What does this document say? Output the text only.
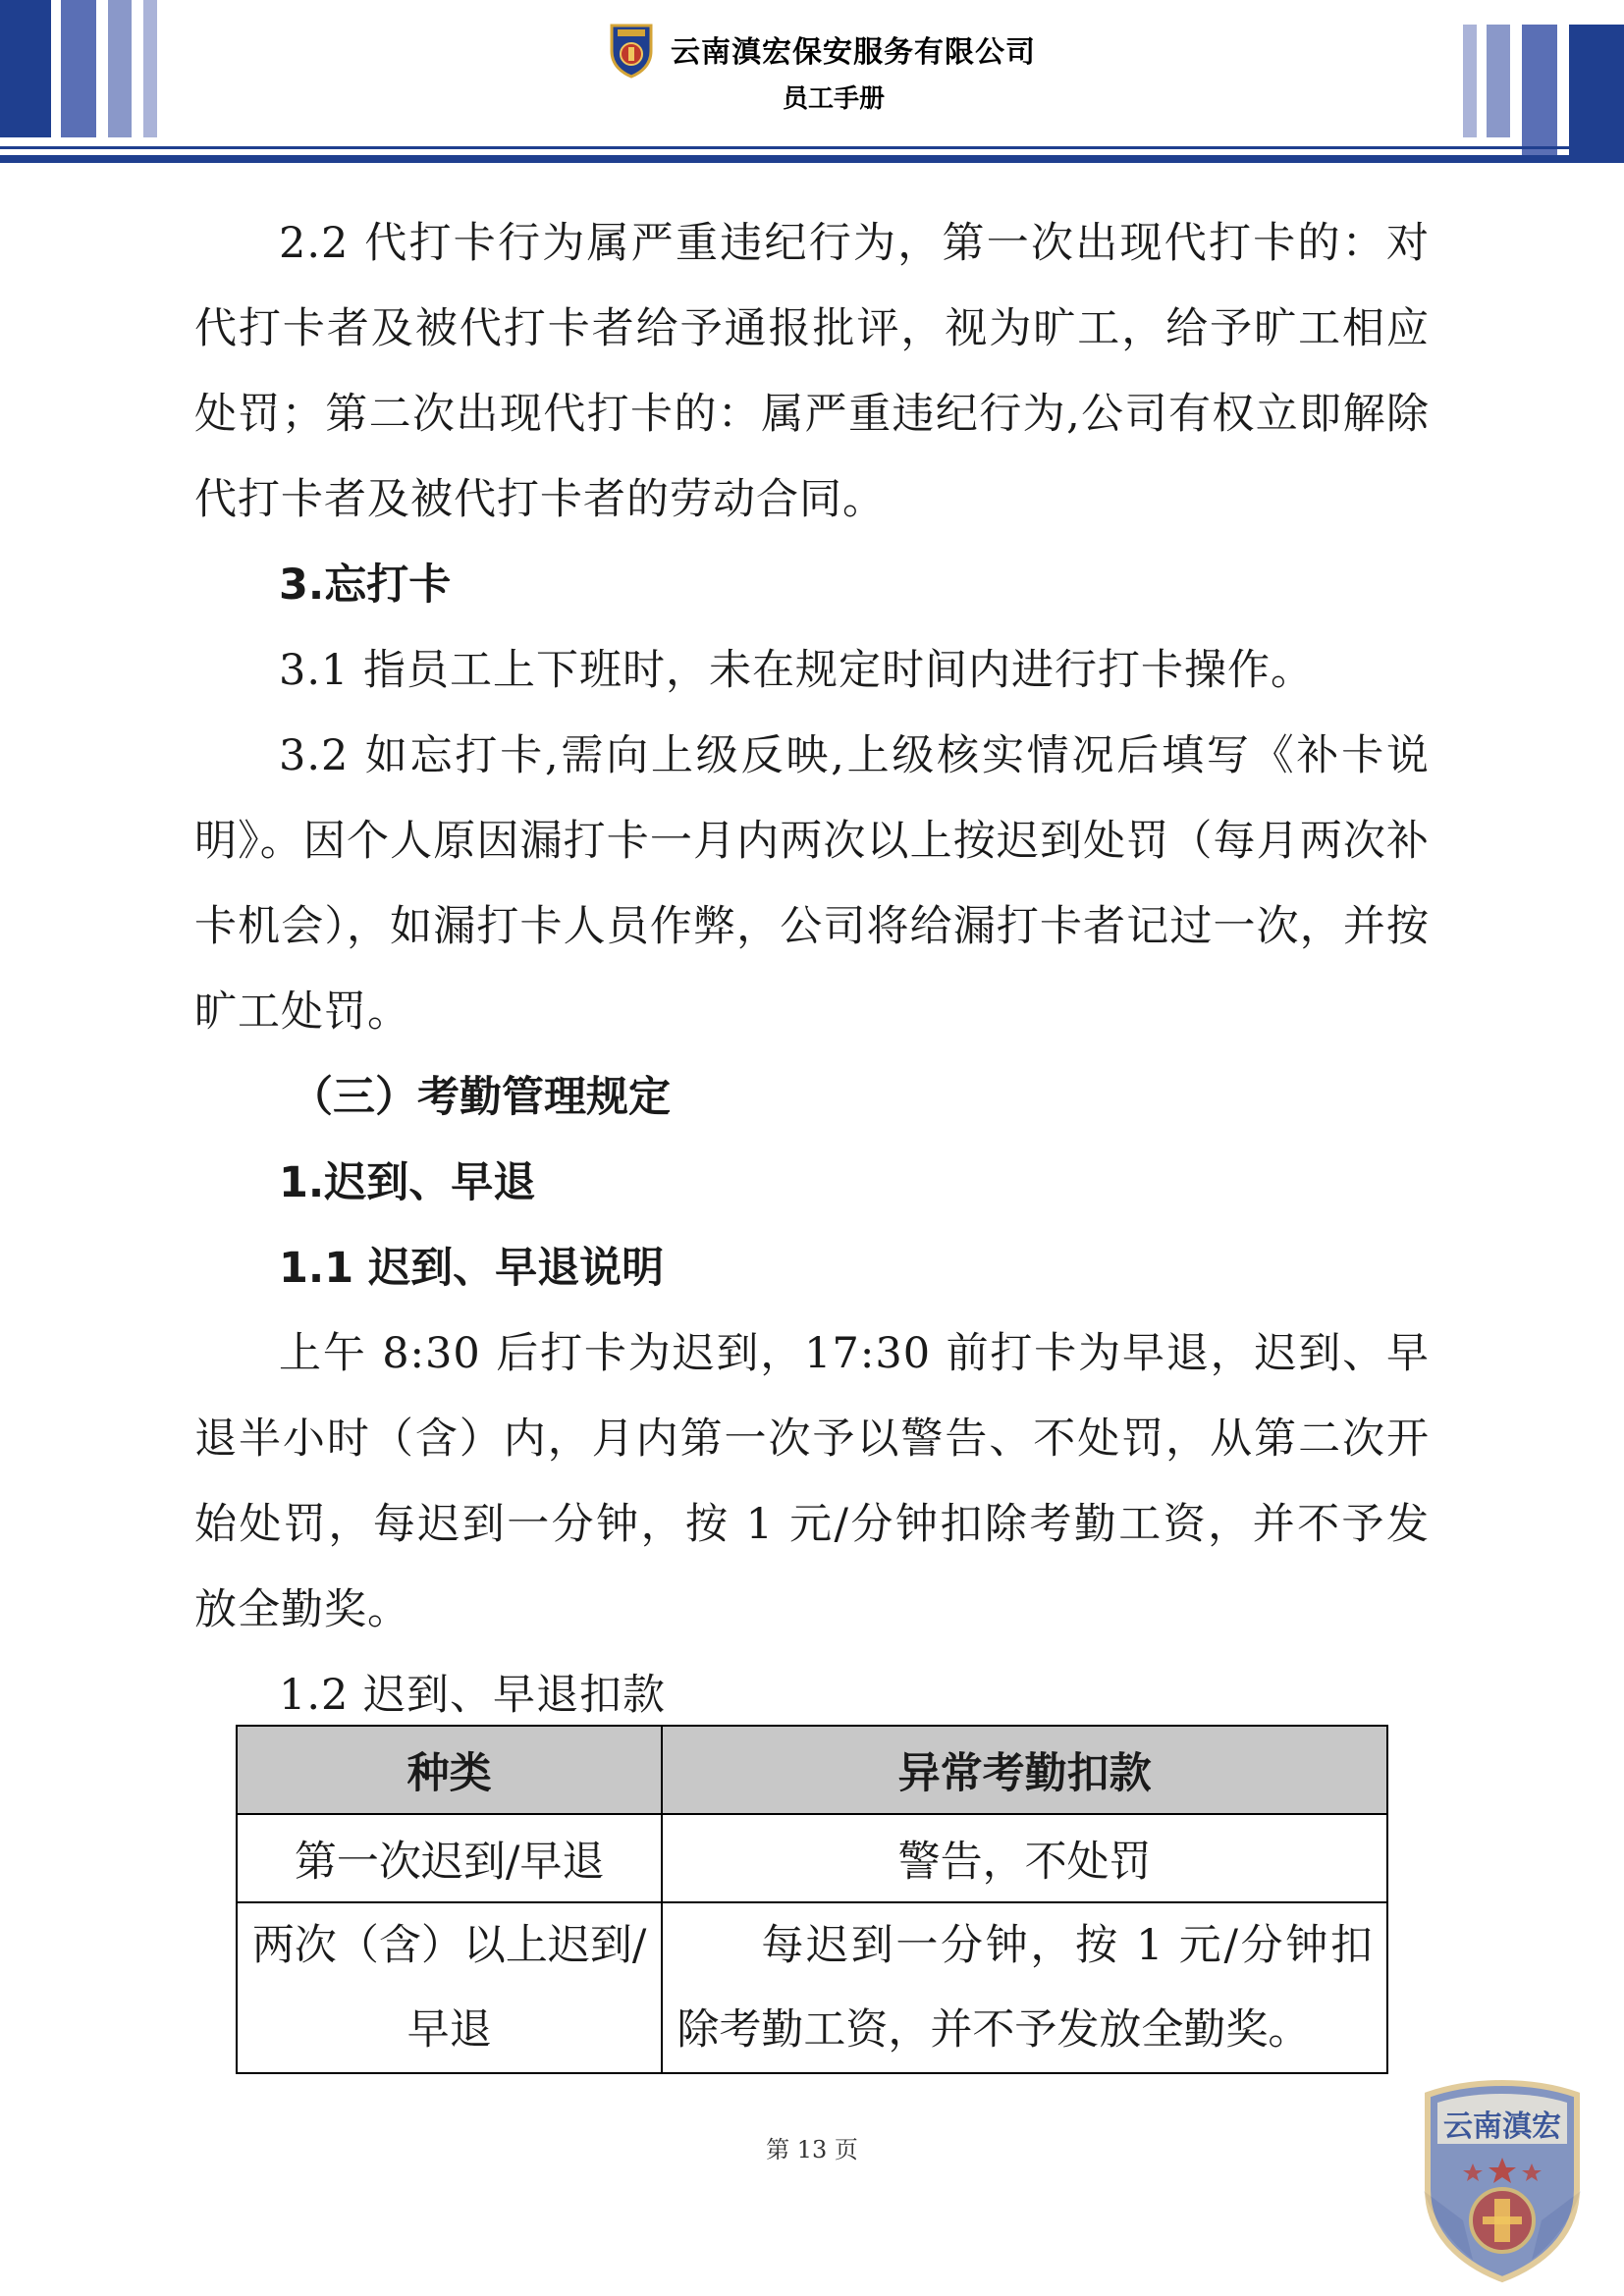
云南滇宏保安服务有限公司
员工手册

2.2 代打卡行为属严重违纪行为，第一次出现代打卡的：对代打卡者及被代打卡者给予通报批评，视为旷工，给予旷工相应处罚；第二次出现代打卡的：属严重违纪行为,公司有权立即解除代打卡者及被代打卡者的劳动合同。

3.忘打卡

3.1 指员工上下班时，未在规定时间内进行打卡操作。

3.2 如忘打卡,需向上级反映,上级核实情况后填写《补卡说明》。因个人原因漏打卡一月内两次以上按迟到处罚（每月两次补卡机会），如漏打卡人员作弊，公司将给漏打卡者记过一次，并按旷工处罚。

（三）考勤管理规定

1.迟到、早退

1.1 迟到、早退说明

上午 8:30 后打卡为迟到，17:30 前打卡为早退，迟到、早退半小时（含）内，月内第一次予以警告、不处罚，从第二次开始处罚，每迟到一分钟，按 1 元/分钟扣除考勤工资，并不予发放全勤奖。

1.2 迟到、早退扣款

种类	异常考勤扣款
第一次迟到/早退	警告，不处罚
两次（含）以上迟到/早退	每迟到一分钟，按 1 元/分钟扣除考勤工资，并不予发放全勤奖。
第 13 页
云南滇宏
